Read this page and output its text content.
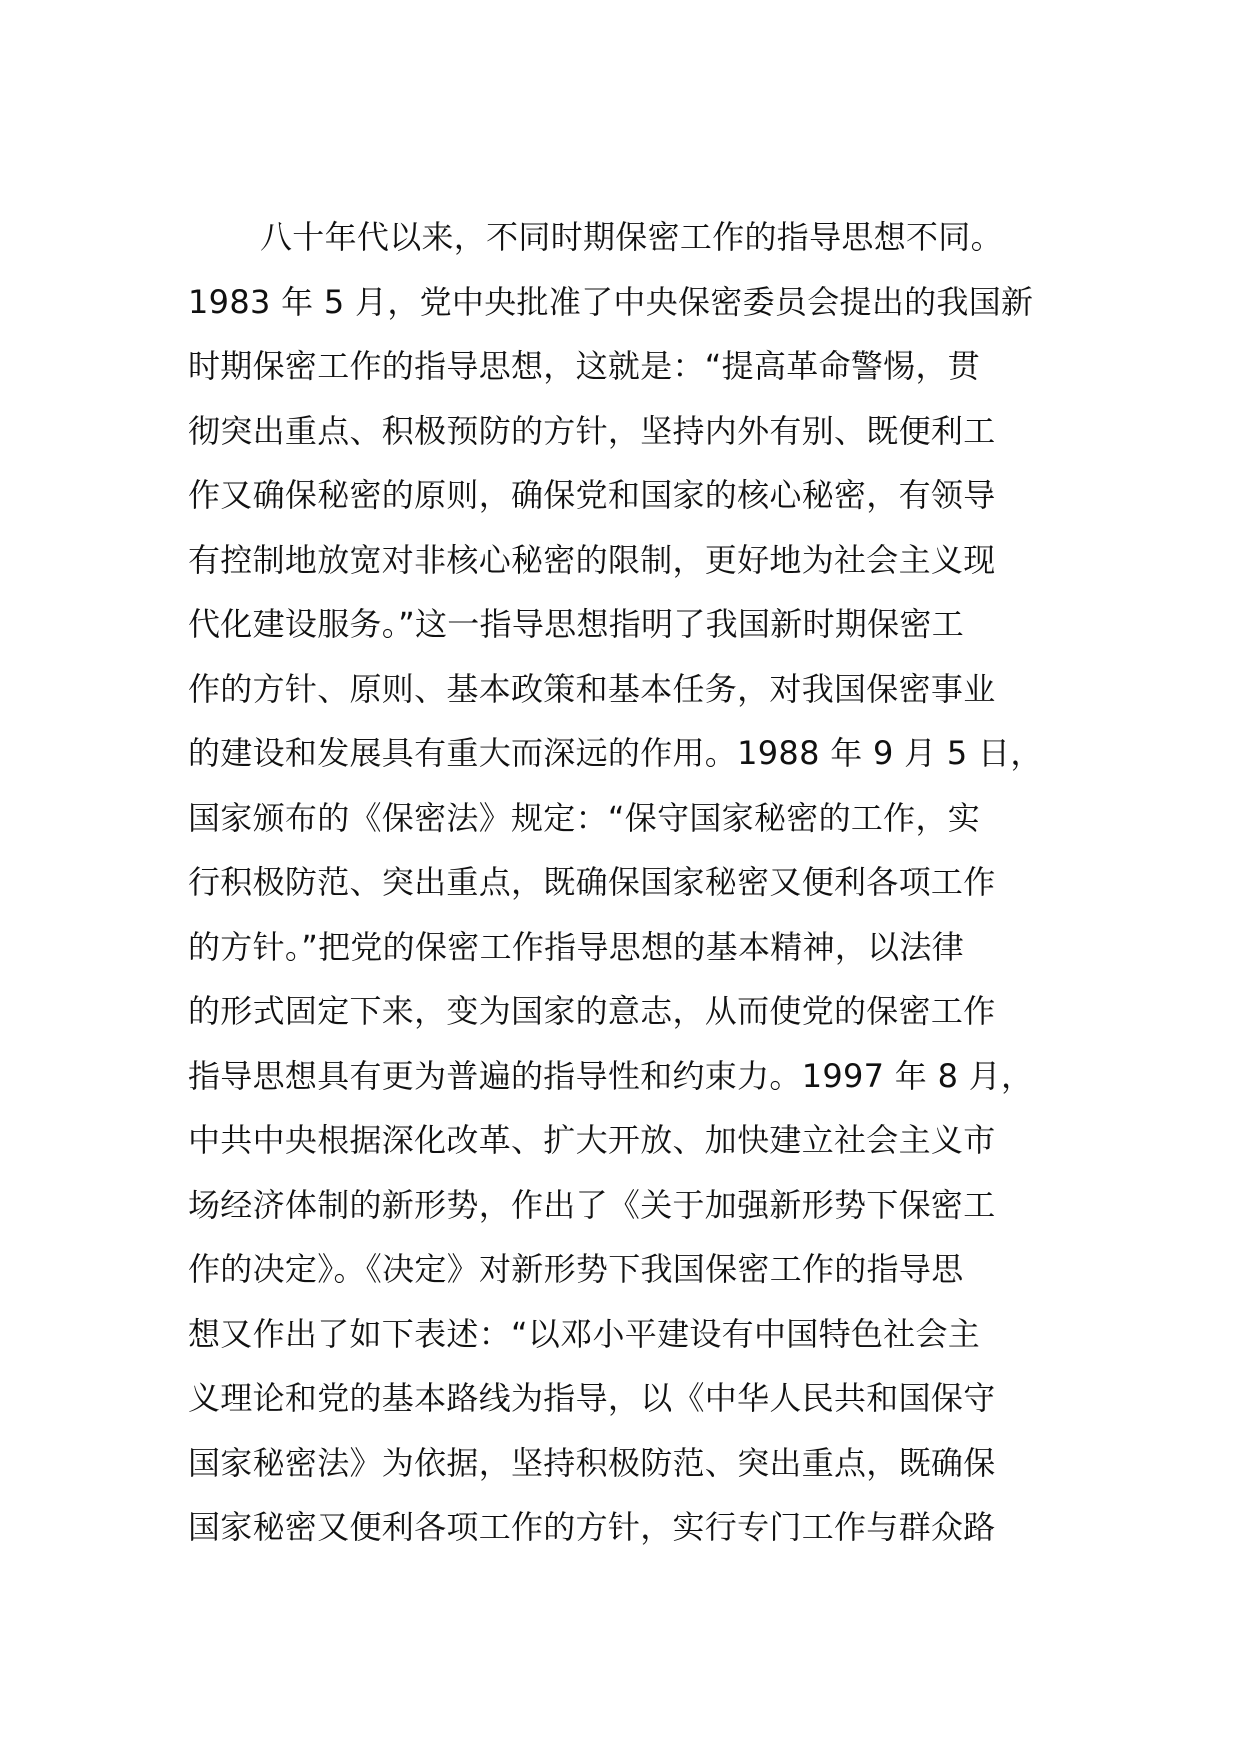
八十年代以来，不同时期保密工作的指导思想不同。
1983 年 5 月，党中央批准了中央保密委员会提出的我国新
时期保密工作的指导思想，这就是：“提高革命警惕，贯
彻突出重点、积极预防的方针，坚持内外有别、既便利工
作又确保秘密的原则，确保党和国家的核心秘密，有领导
有控制地放宽对非核心秘密的限制，更好地为社会主义现
代化建设服务。”这一指导思想指明了我国新时期保密工
作的方针、原则、基本政策和基本任务，对我国保密事业
的建设和发展具有重大而深远的作用。1988 年 9 月 5 日，
国家颁布的《保密法》规定：“保守国家秘密的工作，实
行积极防范、突出重点，既确保国家秘密又便利各项工作
的方针。”把党的保密工作指导思想的基本精神，以法律
的形式固定下来，变为国家的意志，从而使党的保密工作
指导思想具有更为普遍的指导性和约束力。1997 年 8 月，
中共中央根据深化改革、扩大开放、加快建立社会主义市
场经济体制的新形势，作出了《关于加强新形势下保密工
作的决定》。《决定》对新形势下我国保密工作的指导思
想又作出了如下表述：“以邓小平建设有中国特色社会主
义理论和党的基本路线为指导，以《中华人民共和国保守
国家秘密法》为依据，坚持积极防范、突出重点，既确保
国家秘密又便利各项工作的方针，实行专门工作与群众路
